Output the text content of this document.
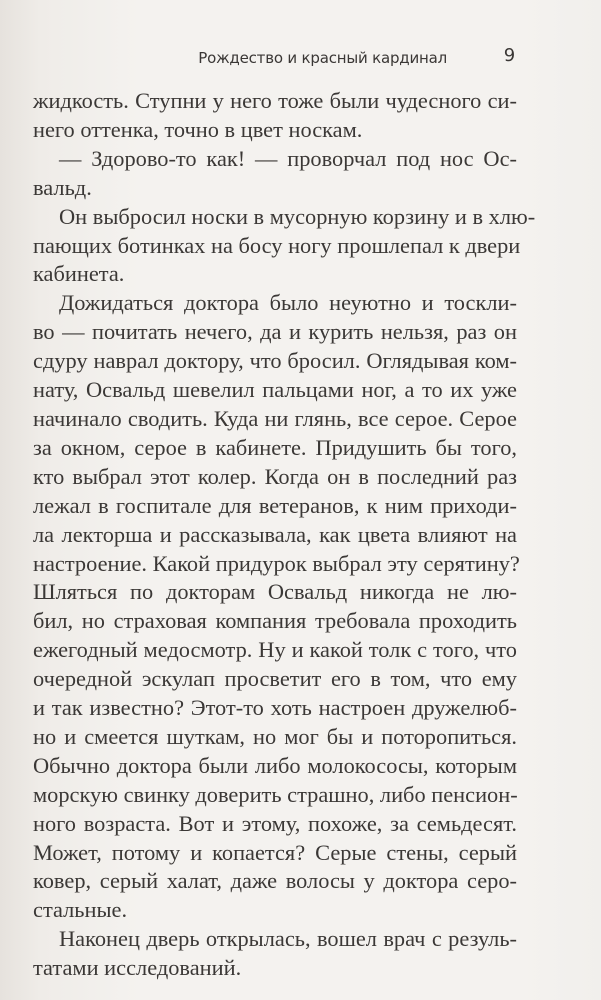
Рождество и красный кардинал	9

жидкость. Ступни у него тоже были чудесного си-
него оттенка, точно в цвет носкам.

— Здорово-то как! — проворчал под нос Ос-
вальд.

Он выбросил носки в мусорную корзину и в хлю-
пающих ботинках на босу ногу прошлепал к двери
кабинета.

Дожидаться доктора было неуютно и тоскли-
во — почитать нечего, да и курить нельзя, раз он
сдуру наврал доктору, что бросил. Оглядывая ком-
нату, Освальд шевелил пальцами ног, а то их уже
начинало сводить. Куда ни глянь, все серое. Серое
за окном, серое в кабинете. Придушить бы того,
кто выбрал этот колер. Когда он в последний раз
лежал в госпитале для ветеранов, к ним приходи-
ла лекторша и рассказывала, как цвета влияют на
настроение. Какой придурок выбрал эту серятину?
Шляться по докторам Освальд никогда не лю-
бил, но страховая компания требовала проходить
ежегодный медосмотр. Ну и какой толк с того, что
очередной эскулап просветит его в том, что ему
и так известно? Этот-то хоть настроен дружелюб-
но и смеется шуткам, но мог бы и поторопиться.
Обычно доктора были либо молокососы, которым
морскую свинку доверить страшно, либо пенсион-
ного возраста. Вот и этому, похоже, за семьдесят.
Может, потому и копается? Серые стены, серый
ковер, серый халат, даже волосы у доктора серо-
стальные.

Наконец дверь открылась, вошел врач с резуль-
татами исследований.
